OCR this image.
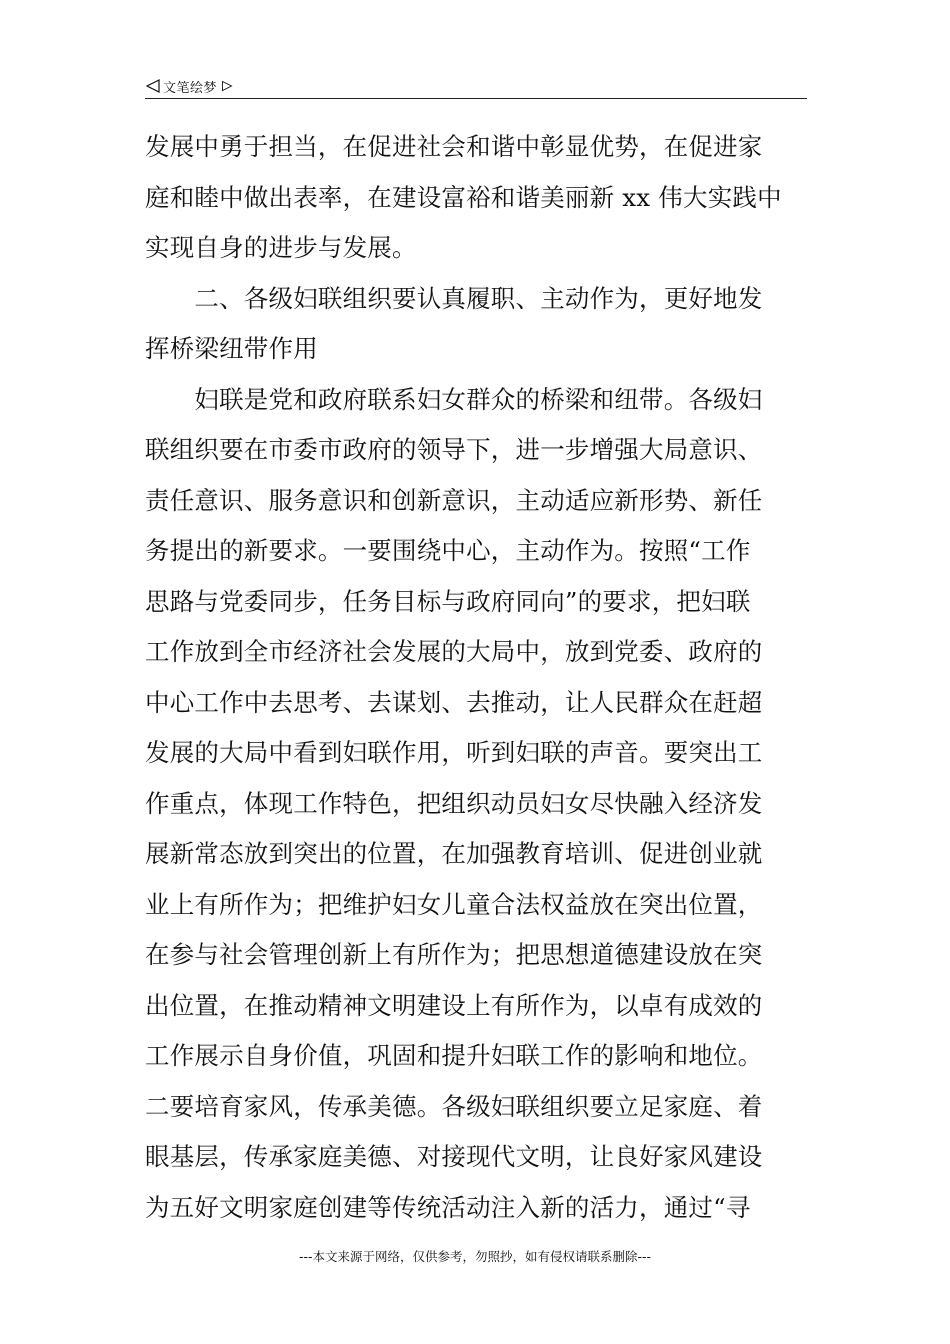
文笔绘梦
发展中勇于担当，在促进社会和谐中彰显优势，在促进家
庭和睦中做出表率，在建设富裕和谐美丽新 xx 伟大实践中
实现自身的进步与发展。
　　二、各级妇联组织要认真履职、主动作为，更好地发
挥桥梁纽带作用
　　妇联是党和政府联系妇女群众的桥梁和纽带。各级妇
联组织要在市委市政府的领导下，进一步增强大局意识、
责任意识、服务意识和创新意识，主动适应新形势、新任
务提出的新要求。一要围绕中心，主动作为。按照“工作
思路与党委同步，任务目标与政府同向”的要求，把妇联
工作放到全市经济社会发展的大局中，放到党委、政府的
中心工作中去思考、去谋划、去推动，让人民群众在赶超
发展的大局中看到妇联作用，听到妇联的声音。要突出工
作重点，体现工作特色，把组织动员妇女尽快融入经济发
展新常态放到突出的位置，在加强教育培训、促进创业就
业上有所作为；把维护妇女儿童合法权益放在突出位置，
在参与社会管理创新上有所作为；把思想道德建设放在突
出位置，在推动精神文明建设上有所作为，以卓有成效的
工作展示自身价值，巩固和提升妇联工作的影响和地位。
二要培育家风，传承美德。各级妇联组织要立足家庭、着
眼基层，传承家庭美德、对接现代文明，让良好家风建设
为五好文明家庭创建等传统活动注入新的活力，通过“寻
---本文来源于网络，仅供参考，勿照抄，如有侵权请联系删除---
